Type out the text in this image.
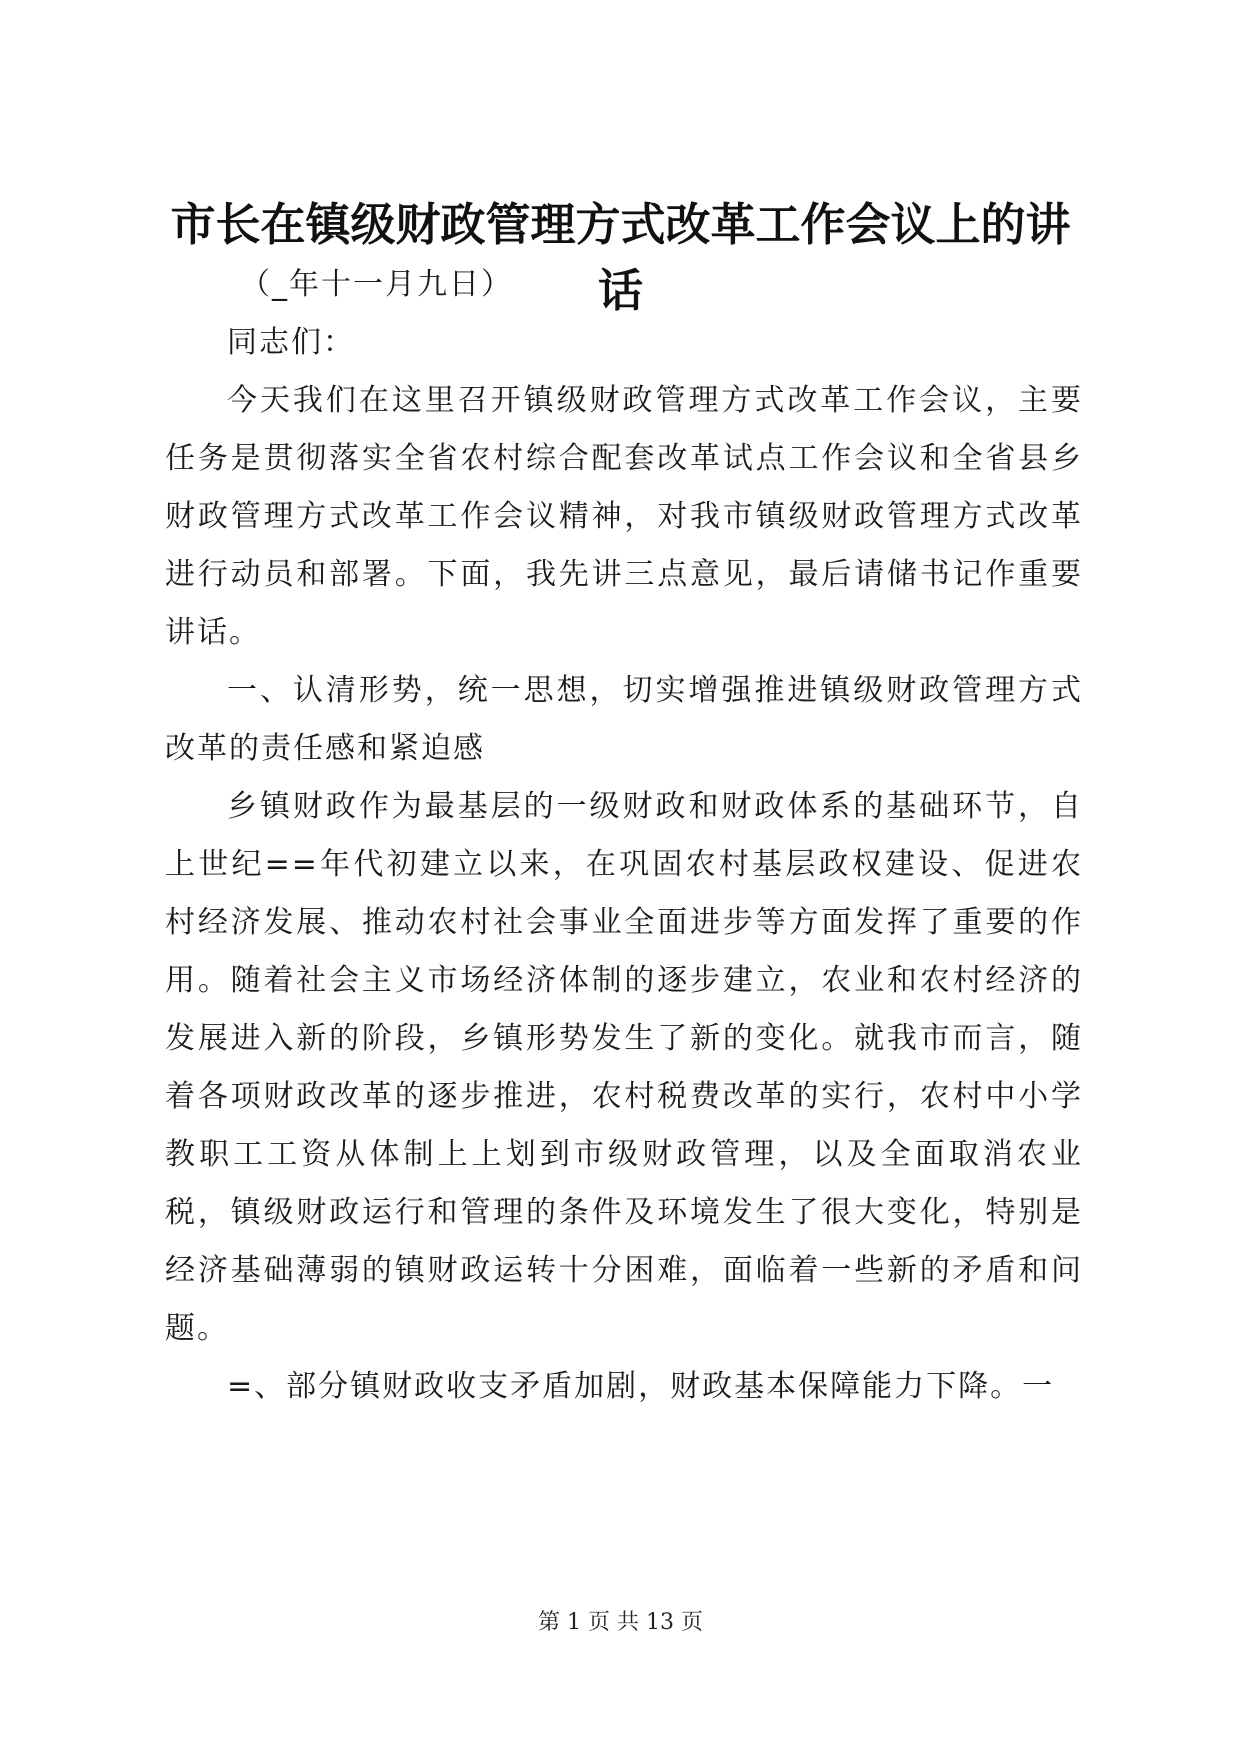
市长在镇级财政管理方式改革工作会议上的讲话

（_年十一月九日）

同志们：

今天我们在这里召开镇级财政管理方式改革工作会议，主要任务是贯彻落实全省农村综合配套改革试点工作会议和全省县乡财政管理方式改革工作会议精神，对我市镇级财政管理方式改革进行动员和部署。下面，我先讲三点意见，最后请储书记作重要讲话。

一、认清形势，统一思想，切实增强推进镇级财政管理方式改革的责任感和紧迫感

乡镇财政作为最基层的一级财政和财政体系的基础环节，自上世纪==年代初建立以来，在巩固农村基层政权建设、促进农村经济发展、推动农村社会事业全面进步等方面发挥了重要的作用。随着社会主义市场经济体制的逐步建立，农业和农村经济的发展进入新的阶段，乡镇形势发生了新的变化。就我市而言，随着各项财政改革的逐步推进，农村税费改革的实行，农村中小学教职工工资从体制上上划到市级财政管理，以及全面取消农业税，镇级财政运行和管理的条件及环境发生了很大变化，特别是经济基础薄弱的镇财政运转十分困难，面临着一些新的矛盾和问题。

=、部分镇财政收支矛盾加剧，财政基本保障能力下降。一

第 1 页 共 13 页
